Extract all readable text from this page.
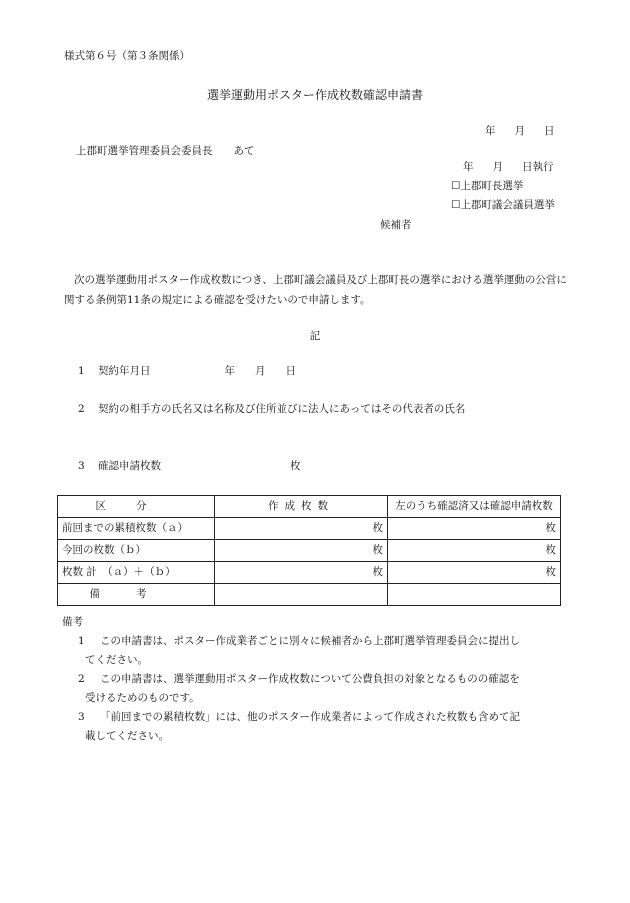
様式第６号（第３条関係）
選挙運動用ポスター作成枚数確認申請書
年 月 日
上郡町選挙管理委員会委員長　　あて
年 月 日執行
☐上郡町長選挙
☐上郡町議会議員選挙
候補者
次の選挙運動用ポスター作成枚数につき、上郡町議会議員及び上郡町長の選挙における選挙運動の公営に関する条例第11条の規定による確認を受けたいので申請します。
記
1 契約年月日	年 月 日
2 契約の相手方の氏名又は名称及び住所並びに法人にあってはその代表者の氏名
3 確認申請枚数	枚
区分	作成枚数	左のうち確認済又は確認申請枚数
前回までの累積枚数（ａ）	枚	枚
今回の枚数（ｂ）	枚	枚
枚数 計　（ａ）＋（ｂ）	枚	枚
備考		
備考
1 この申請書は、ポスター作成業者ごとに別々に候補者から上郡町選挙管理委員会に提出し
てください。
2 この申請書は、選挙運動用ポスター作成枚数について公費負担の対象となるものの確認を
受けるためのものです。
3 「前回までの累積枚数」には、他のポスター作成業者によって作成された枚数も含めて記
載してください。
